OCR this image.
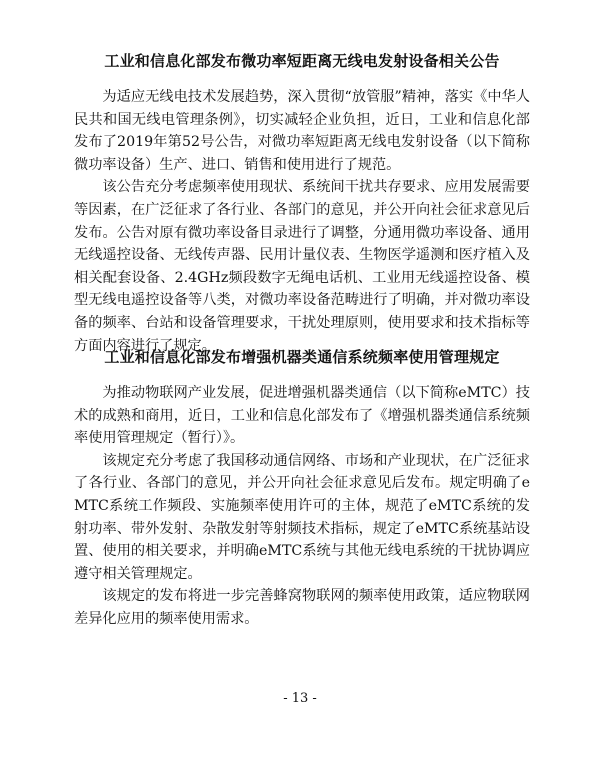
工业和信息化部发布微功率短距离无线电发射设备相关公告

为适应无线电技术发展趋势，深入贯彻“放管服”精神，落实《中华人民共和国无线电管理条例》，切实减轻企业负担，近日，工业和信息化部发布了2019年第52号公告，对微功率短距离无线电发射设备（以下简称微功率设备）生产、进口、销售和使用进行了规范。

该公告充分考虑频率使用现状、系统间干扰共存要求、应用发展需要等因素，在广泛征求了各行业、各部门的意见，并公开向社会征求意见后发布。公告对原有微功率设备目录进行了调整，分通用微功率设备、通用无线遥控设备、无线传声器、民用计量仪表、生物医学遥测和医疗植入及相关配套设备、2.4GHz频段数字无绳电话机、工业用无线遥控设备、模型无线电遥控设备等八类，对微功率设备范畴进行了明确，并对微功率设备的频率、台站和设备管理要求，干扰处理原则，使用要求和技术指标等方面内容进行了规定。

工业和信息化部发布增强机器类通信系统频率使用管理规定

为推动物联网产业发展，促进增强机器类通信（以下简称eMTC）技术的成熟和商用，近日，工业和信息化部发布了《增强机器类通信系统频率使用管理规定（暂行）》。

该规定充分考虑了我国移动通信网络、市场和产业现状，在广泛征求了各行业、各部门的意见，并公开向社会征求意见后发布。规定明确了eMTC系统工作频段、实施频率使用许可的主体，规范了eMTC系统的发射功率、带外发射、杂散发射等射频技术指标，规定了eMTC系统基站设置、使用的相关要求，并明确eMTC系统与其他无线电系统的干扰协调应遵守相关管理规定。

该规定的发布将进一步完善蜂窝物联网的频率使用政策，适应物联网差异化应用的频率使用需求。

- 13 -
